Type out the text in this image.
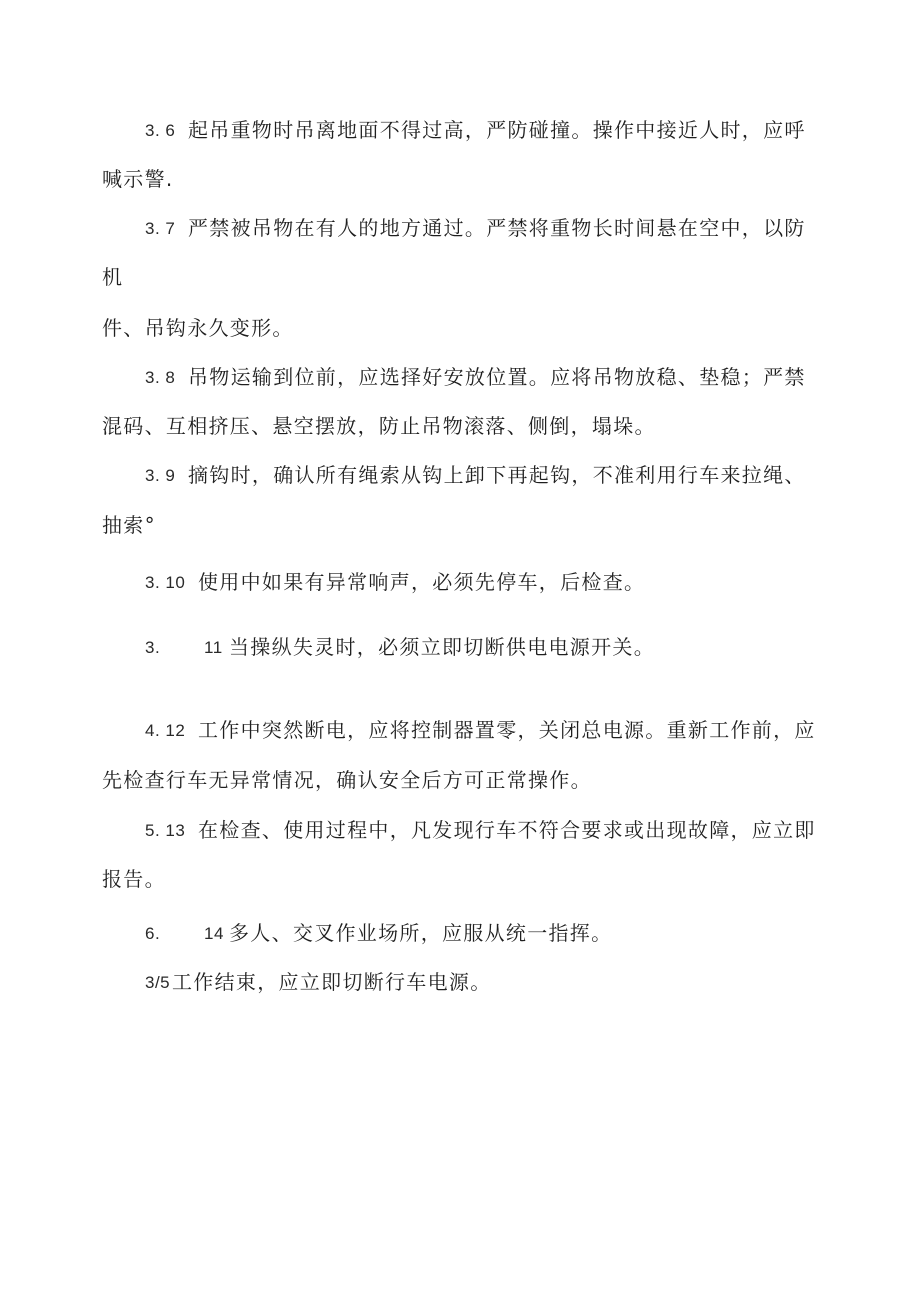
3. 6 起吊重物时吊离地面不得过高，严防碰撞。操作中接近人时，应呼
喊示警.
3. 7 严禁被吊物在有人的地方通过。严禁将重物长时间悬在空中，以防
机
件、吊钩永久变形。
3. 8 吊物运输到位前，应选择好安放位置。应将吊物放稳、垫稳；严禁
混码、互相挤压、悬空摆放，防止吊物滚落、侧倒，塌垛。
3. 9 摘钩时，确认所有绳索从钩上卸下再起钩，不准利用行车来拉绳、
抽索°
3. 10 使用中如果有异常响声，必须先停车，后检查。
3.	11 当操纵失灵时，必须立即切断供电电源开关。
4. 12 工作中突然断电，应将控制器置零，关闭总电源。重新工作前，应
先检查行车无异常情况，确认安全后方可正常操作。
5. 13 在检查、使用过程中，凡发现行车不符合要求或出现故障，应立即
报告。
6.	14 多人、交叉作业场所，应服从统一指挥。
3/5 工作结束，应立即切断行车电源。
